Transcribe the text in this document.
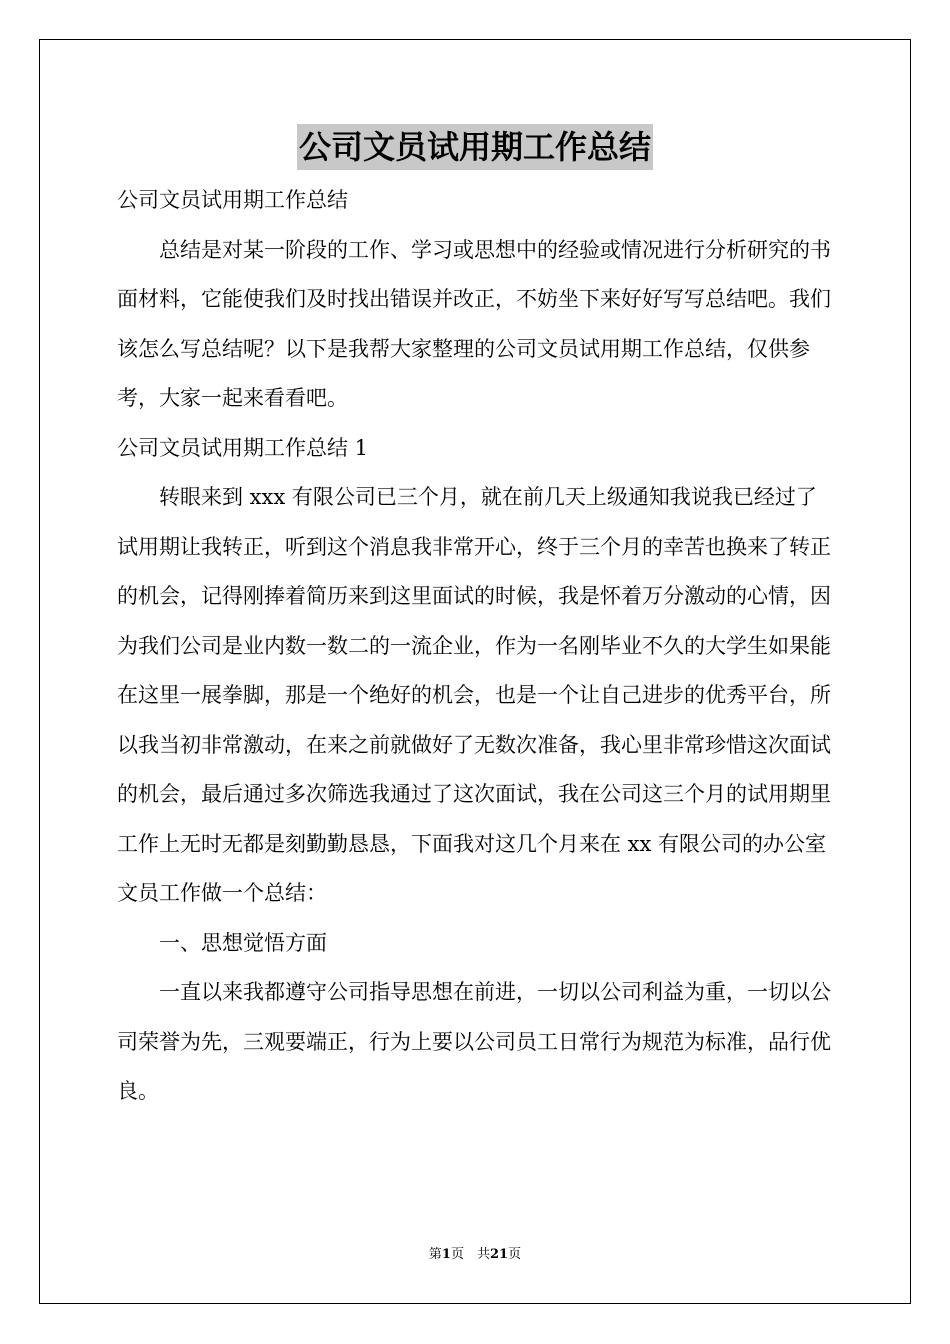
公司文员试用期工作总结

公司文员试用期工作总结

总结是对某一阶段的工作、学习或思想中的经验或情况进行分析研究的书面材料，它能使我们及时找出错误并改正，不妨坐下来好好写写总结吧。我们该怎么写总结呢？以下是我帮大家整理的公司文员试用期工作总结，仅供参考，大家一起来看看吧。

公司文员试用期工作总结 1

转眼来到 xxx 有限公司已三个月，就在前几天上级通知我说我已经过了试用期让我转正，听到这个消息我非常开心，终于三个月的幸苦也换来了转正的机会，记得刚捧着简历来到这里面试的时候，我是怀着万分激动的心情，因为我们公司是业内数一数二的一流企业，作为一名刚毕业不久的大学生如果能在这里一展拳脚，那是一个绝好的机会，也是一个让自己进步的优秀平台，所以我当初非常激动，在来之前就做好了无数次准备，我心里非常珍惜这次面试的机会，最后通过多次筛选我通过了这次面试，我在公司这三个月的试用期里工作上无时无都是刻勤勤恳恳，下面我对这几个月来在 xx 有限公司的办公室文员工作做一个总结：

一、思想觉悟方面

一直以来我都遵守公司指导思想在前进，一切以公司利益为重，一切以公司荣誉为先，三观要端正，行为上要以公司员工日常行为规范为标准，品行优良。

第1页　共21页
